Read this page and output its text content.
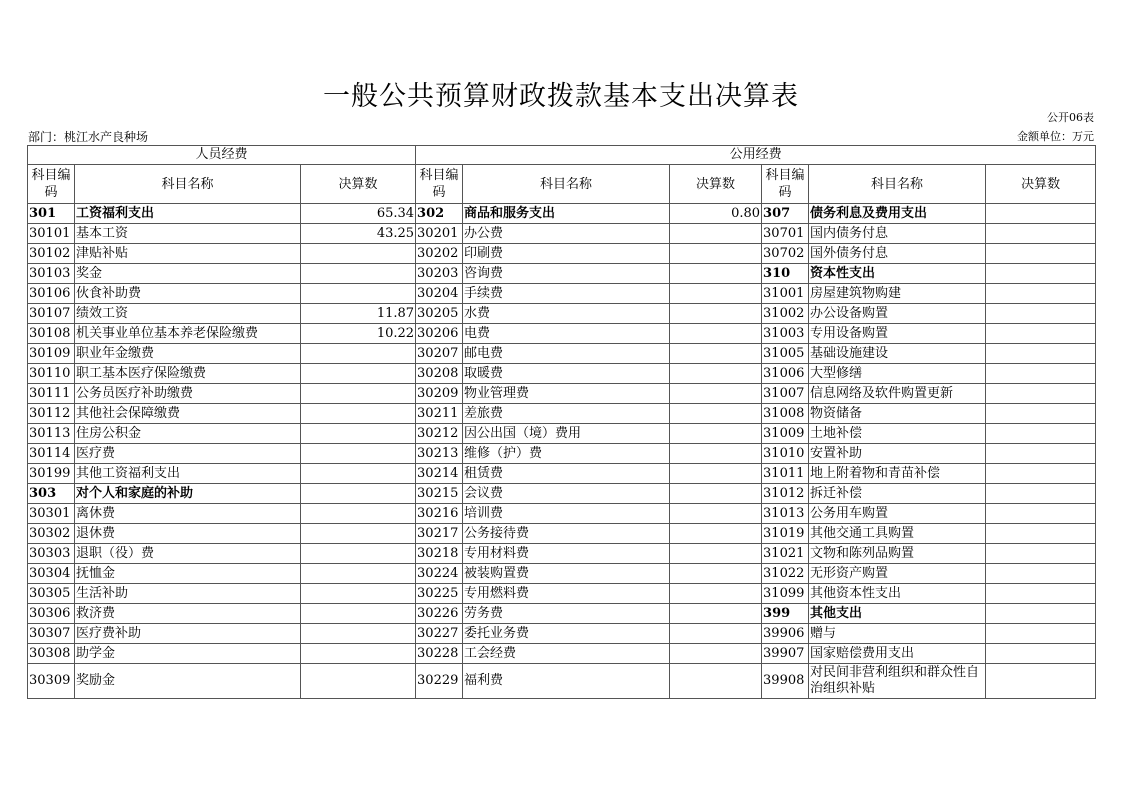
一般公共预算财政拨款基本支出决算表
公开06表
部门：桃江水产良种场	金额单位：万元
人员经费			公用经费					
科目编码	科目名称	决算数	科目编码	科目名称	决算数	科目编码	科目名称	决算数
301	工资福利支出	65.34	302	商品和服务支出	0.80	307	债务利息及费用支出	
30101	基本工资	43.25	30201	办公费		30701	国内债务付息	
30102	津贴补贴		30202	印刷费		30702	国外债务付息	
30103	奖金		30203	咨询费		310	资本性支出	
30106	伙食补助费		30204	手续费		31001	房屋建筑物购建	
30107	绩效工资	11.87	30205	水费		31002	办公设备购置	
30108	机关事业单位基本养老保险缴费	10.22	30206	电费		31003	专用设备购置	
30109	职业年金缴费		30207	邮电费		31005	基础设施建设	
30110	职工基本医疗保险缴费		30208	取暖费		31006	大型修缮	
30111	公务员医疗补助缴费		30209	物业管理费		31007	信息网络及软件购置更新	
30112	其他社会保障缴费		30211	差旅费		31008	物资储备	
30113	住房公积金		30212	因公出国（境）费用		31009	土地补偿	
30114	医疗费		30213	维修（护）费		31010	安置补助	
30199	其他工资福利支出		30214	租赁费		31011	地上附着物和青苗补偿	
303	对个人和家庭的补助		30215	会议费		31012	拆迁补偿	
30301	离休费		30216	培训费		31013	公务用车购置	
30302	退休费		30217	公务接待费		31019	其他交通工具购置	
30303	退职（役）费		30218	专用材料费		31021	文物和陈列品购置	
30304	抚恤金		30224	被装购置费		31022	无形资产购置	
30305	生活补助		30225	专用燃料费		31099	其他资本性支出	
30306	救济费		30226	劳务费		399	其他支出	
30307	医疗费补助		30227	委托业务费		39906	赠与	
30308	助学金		30228	工会经费		39907	国家赔偿费用支出	
30309	奖励金		30229	福利费		39908	对民间非营利组织和群众性自治组织补贴	
